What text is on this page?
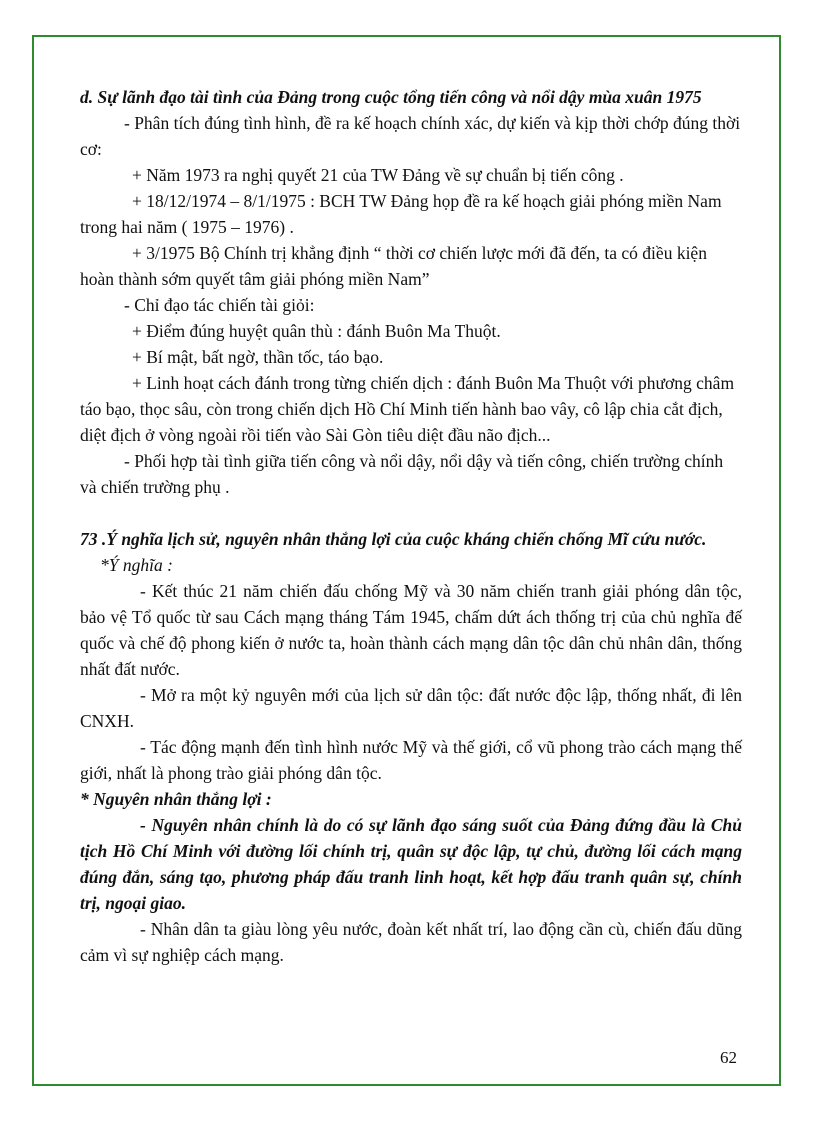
d. Sự lãnh đạo tài tình của Đảng trong cuộc tổng tiến công và nổi dậy mùa xuân 1975

- Phân tích đúng tình hình, đề ra kế hoạch chính xác, dự kiến và kịp thời chớp đúng thời cơ:

+ Năm 1973 ra nghị quyết 21 của TW Đảng về sự chuẩn bị tiến công .

+ 18/12/1974 – 8/1/1975 : BCH TW Đảng họp đề ra kế hoạch giải phóng miền Nam trong hai năm ( 1975 – 1976) .

+ 3/1975 Bộ Chính trị khẳng định “ thời cơ chiến lược mới đã đến, ta có điều kiện hoàn thành sớm quyết tâm giải phóng miền Nam”

- Chỉ đạo tác chiến tài giỏi:

+ Điểm đúng huyệt quân thù : đánh Buôn Ma Thuột.

+ Bí mật, bất ngờ, thần tốc, táo bạo.

+ Linh hoạt cách đánh trong từng chiến dịch : đánh Buôn Ma Thuột với phương châm táo bạo, thọc sâu, còn trong chiến dịch Hồ Chí Minh tiến hành bao vây, cô lập chia cắt địch, diệt địch ở vòng ngoài rồi tiến vào Sài Gòn tiêu diệt đầu não địch...

- Phối hợp tài tình giữa tiến công và nổi dậy, nổi dậy và tiến công, chiến trường chính và chiến trường phụ .

73 .Ý nghĩa lịch sử, nguyên nhân thắng lợi của cuộc kháng chiến chống Mĩ cứu nước.

*Ý nghĩa :

- Kết thúc 21 năm chiến đấu chống Mỹ và 30 năm chiến tranh giải phóng dân tộc, bảo vệ Tổ quốc từ sau Cách mạng tháng Tám 1945, chấm dứt ách thống trị của chủ nghĩa đế quốc và chế độ phong kiến ở nước ta, hoàn thành cách mạng dân tộc dân chủ nhân dân, thống nhất đất nước.

- Mở ra một kỷ nguyên mới của lịch sử dân tộc: đất nước độc lập, thống nhất, đi lên CNXH.

- Tác động mạnh đến tình hình nước Mỹ và thế giới, cổ vũ phong trào cách mạng thế giới, nhất là phong trào giải phóng dân tộc.

* Nguyên nhân thắng lợi :

- Nguyên nhân chính là do có sự lãnh đạo sáng suốt của Đảng đứng đầu là Chủ tịch Hồ Chí Minh với đường lối chính trị, quân sự độc lập, tự chủ, đường lối cách mạng đúng đắn, sáng tạo, phương pháp đấu tranh linh hoạt, kết hợp đấu tranh quân sự, chính trị, ngoại giao.

- Nhân dân ta giàu lòng yêu nước, đoàn kết nhất trí, lao động cần cù, chiến đấu dũng cảm vì sự nghiệp cách mạng.

62
